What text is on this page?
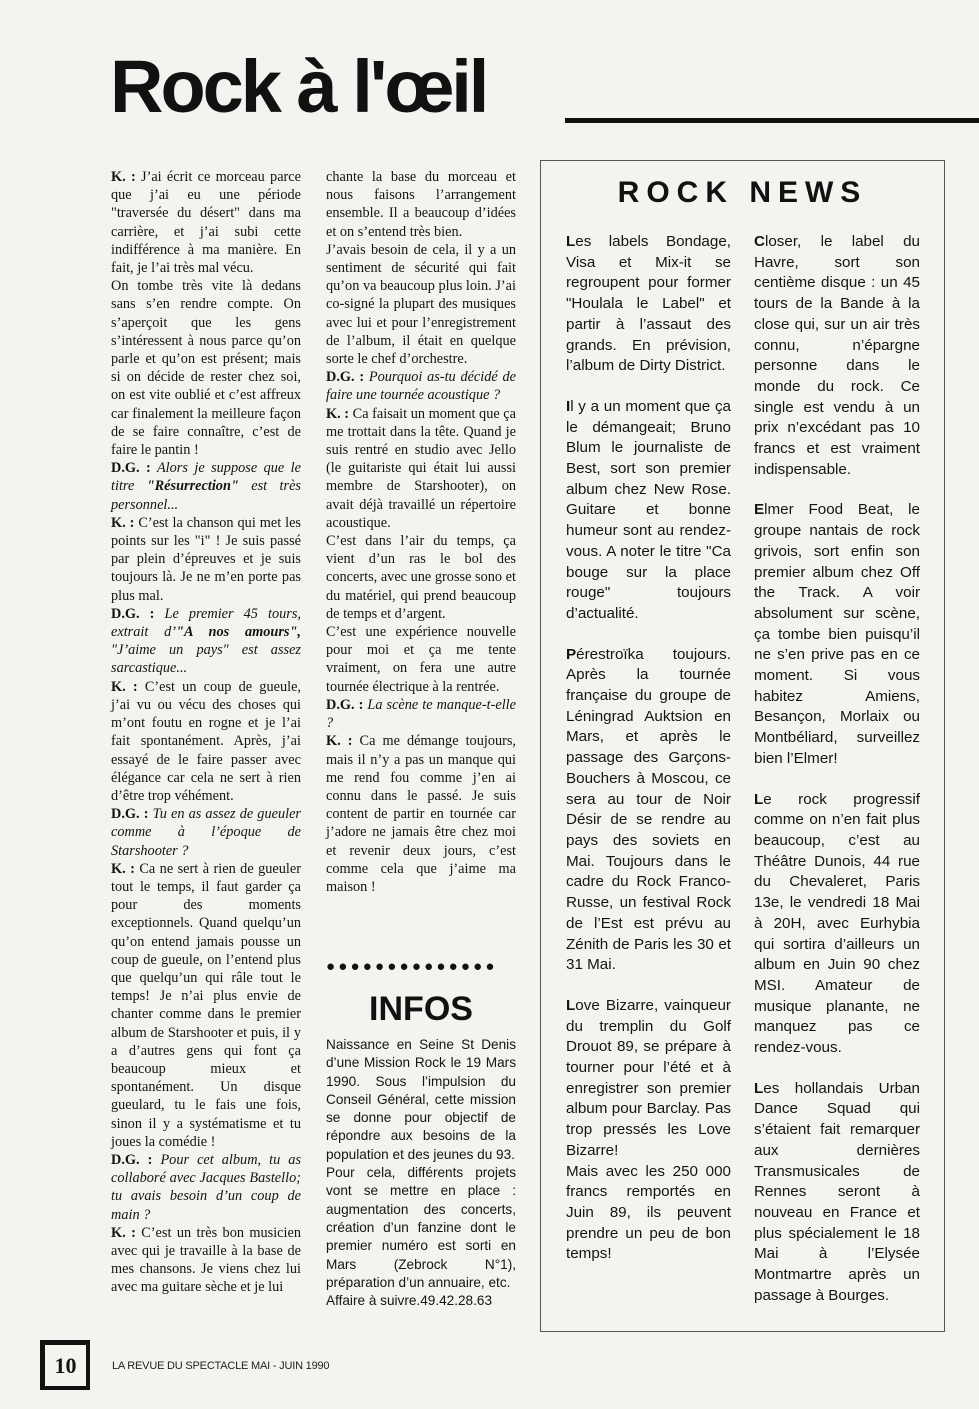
Rock à l'œil

K. : J’ai écrit ce morceau parce que j’ai eu une période "traversée du désert" dans ma carrière, et j’ai subi cette indifférence à ma manière. En fait, je l’ai très mal vécu.

On tombe très vite là dedans sans s’en rendre compte. On s’aperçoit que les gens s’intéressent à nous parce qu’on parle et qu’on est présent; mais si on décide de rester chez soi, on est vite oublié et c’est affreux car finalement la meilleure façon de se faire connaître, c’est de faire le pantin !

D.G. : Alors je suppose que le titre "Résurrection" est très personnel...

K. : C’est la chanson qui met les points sur les "i" ! Je suis passé par plein d’épreuves et je suis toujours là. Je ne m’en porte pas plus mal.

D.G. : Le premier 45 tours, extrait d’"A nos amours", "J’aime un pays" est assez sarcastique...

K. : C’est un coup de gueule, j’ai vu ou vécu des choses qui m’ont foutu en rogne et je l’ai fait spontanément. Après, j’ai essayé de le faire passer avec élégance car cela ne sert à rien d’être trop véhément.

D.G. : Tu en as assez de gueuler comme à l’époque de Starshooter ?

K. : Ca ne sert à rien de gueuler tout le temps, il faut garder ça pour des moments exceptionnels. Quand quelqu’un qu’on entend jamais pousse un coup de gueule, on l’entend plus que quelqu’un qui râle tout le temps! Je n’ai plus envie de chanter comme dans le premier album de Starshooter et puis, il y a d’autres gens qui font ça beaucoup mieux et spontanément. Un disque gueulard, tu le fais une fois, sinon il y a systématisme et tu joues la comédie !

D.G. : Pour cet album, tu as collaboré avec Jacques Bastello; tu avais besoin d’un coup de main ?

K. : C’est un très bon musicien avec qui je travaille à la base de mes chansons. Je viens chez lui avec ma guitare sèche et je lui

chante la base du morceau et nous faisons l’arrangement ensemble. Il a beaucoup d’idées et on s’entend très bien.

J’avais besoin de cela, il y a un sentiment de sécurité qui fait qu’on va beaucoup plus loin. J’ai co-signé la plupart des musiques avec lui et pour l’enregistrement de l’album, il était en quelque sorte le chef d’orchestre.

D.G. : Pourquoi as-tu décidé de faire une tournée acoustique ?

K. : Ca faisait un moment que ça me trottait dans la tête. Quand je suis rentré en studio avec Jello (le guitariste qui était lui aussi membre de Starshooter), on avait déjà travaillé un répertoire acoustique.

C’est dans l’air du temps, ça vient d’un ras le bol des concerts, avec une grosse sono et du matériel, qui prend beaucoup de temps et d’argent.

C’est une expérience nouvelle pour moi et ça me tente vraiment, on fera une autre tournée électrique à la rentrée.

D.G. : La scène te manque-t-elle ?

K. : Ca me démange toujours, mais il n’y a pas un manque qui me rend fou comme j’en ai connu dans le passé. Je suis content de partir en tournée car j’adore ne jamais être chez moi et revenir deux jours, c’est comme cela que j’aime ma maison !

●●●●●●●●●●●●●●
INFOS

Naissance en Seine St Denis d’une Mission Rock le 19 Mars 1990. Sous l’impulsion du Conseil Général, cette mission se donne pour objectif de répondre aux besoins de la population et des jeunes du 93.

Pour cela, différents projets vont se mettre en place : augmentation des concerts, création d’un fanzine dont le premier numéro est sorti en Mars (Zebrock N°1), préparation d’un annuaire, etc.

Affaire à suivre.49.42.28.63

ROCK NEWS

Les labels Bondage, Visa et Mix-it se regroupent pour former "Houlala le Label" et partir à l’assaut des grands. En prévision, l’album de Dirty District.

Il y a un moment que ça le démangeait; Bruno Blum le journaliste de Best, sort son premier album chez New Rose. Guitare et bonne humeur sont au rendez-vous. A noter le titre "Ca bouge sur la place rouge" toujours d’actualité.

Pérestroïka toujours. Après la tournée française du groupe de Léningrad Auktsion en Mars, et après le passage des Garçons-Bouchers à Moscou, ce sera au tour de Noir Désir de se rendre au pays des soviets en Mai. Toujours dans le cadre du Rock Franco-Russe, un festival Rock de l’Est est prévu au Zénith de Paris les 30 et 31 Mai.

Love Bizarre, vainqueur du tremplin du Golf Drouot 89, se prépare à tourner pour l’été et à enregistrer son premier album pour Barclay. Pas trop pressés les Love Bizarre!

Mais avec les 250 000 francs remportés en Juin 89, ils peuvent prendre un peu de bon temps!

Closer, le label du Havre, sort son centième disque : un 45 tours de la Bande à la close qui, sur un air très connu, n’épargne personne dans le monde du rock. Ce single est vendu à un prix n’excédant pas 10 francs et est vraiment indispensable.

Elmer Food Beat, le groupe nantais de rock grivois, sort enfin son premier album chez Off the Track. A voir absolument sur scène, ça tombe bien puisqu’il ne s’en prive pas en ce moment. Si vous habitez Amiens, Besançon, Morlaix ou Montbéliard, surveillez bien l’Elmer!

Le rock progressif comme on n’en fait plus beaucoup, c’est au Théâtre Dunois, 44 rue du Chevaleret, Paris 13e, le vendredi 18 Mai à 20H, avec Eurhybia qui sortira d’ailleurs un album en Juin 90 chez MSI. Amateur de musique planante, ne manquez pas ce rendez-vous.

Les hollandais Urban Dance Squad qui s’étaient fait remarquer aux dernières Transmusicales de Rennes seront à nouveau en France et plus spécialement le 18 Mai à l’Elysée Montmartre après un passage à Bourges.

10	LA REVUE DU SPECTACLE MAI - JUIN 1990
